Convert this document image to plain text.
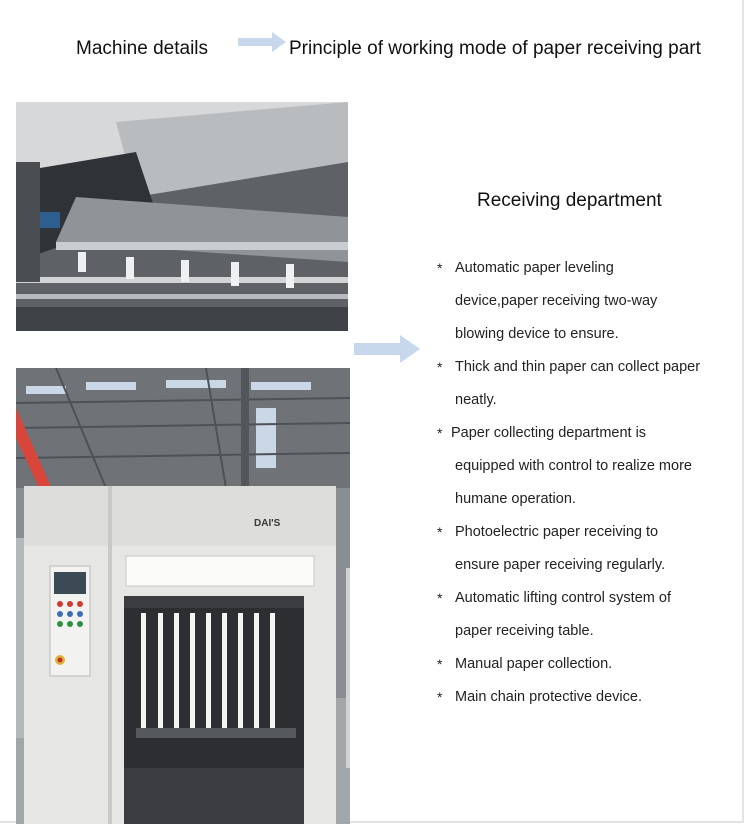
Machine details	Principle of working mode of paper receiving part
Receiving department
* Automatic paper leveling
device,paper receiving two-way
blowing device to ensure.
* Thick and thin paper can collect paper
neatly.
* Paper collecting department is
equipped with control to realize more
humane operation.
* Photoelectric paper receiving to
ensure paper receiving regularly.
* Automatic lifting control system of
paper receiving table.
* Manual paper collection.
* Main chain protective device.
DAI'S
